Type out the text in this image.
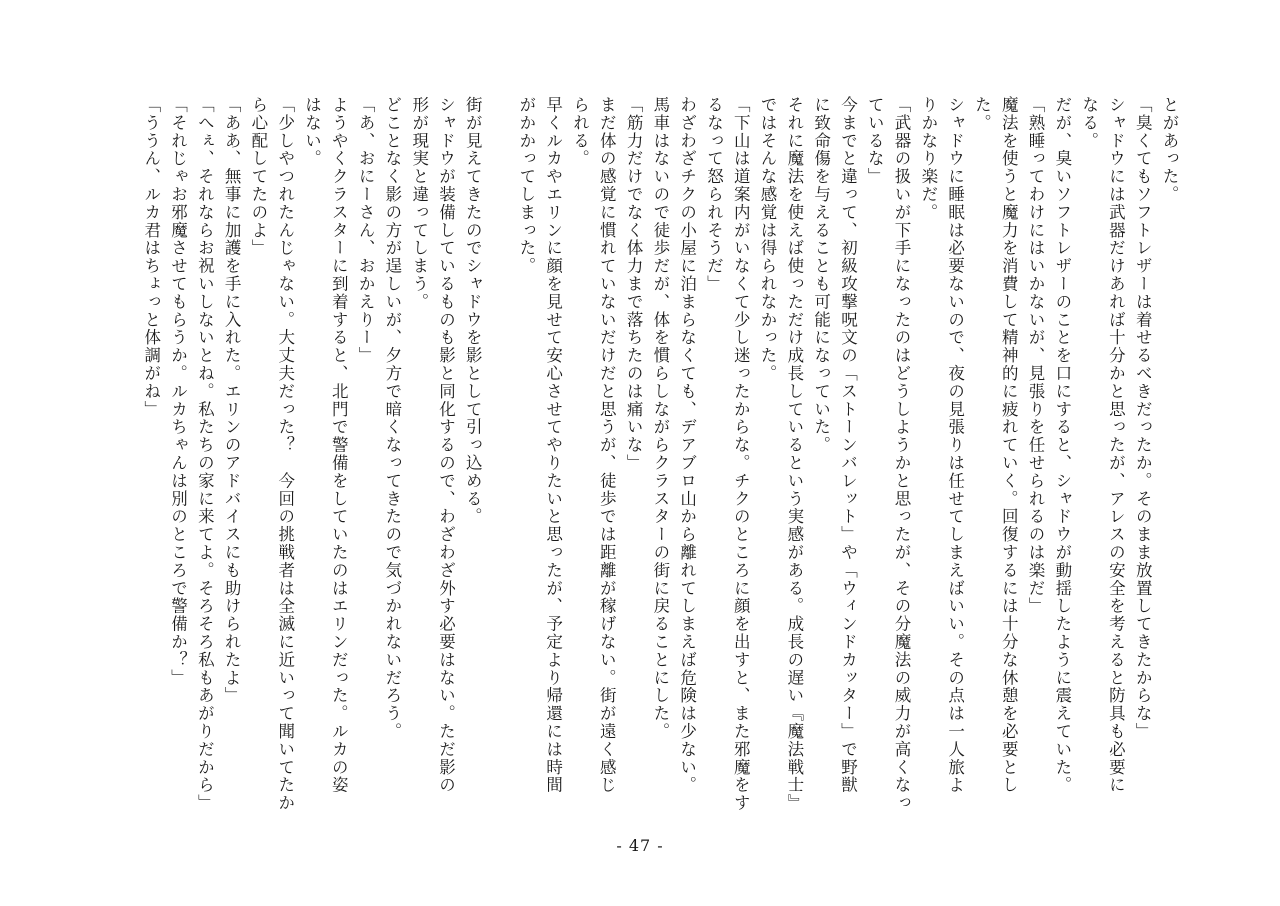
とがあった。
「臭くてもソフトレザーは着せるべきだったか。そのまま放置してきたからな」
シャドウには武器だけあれば十分かと思ったが、アレスの安全を考えると防具も必要に
なる。
だが、臭いソフトレザーのことを口にすると、シャドウが動揺したように震えていた。
「熟睡ってわけにはいかないが、見張りを任せられるのは楽だ」
魔法を使うと魔力を消費して精神的に疲れていく。回復するには十分な休憩を必要とし
た。
シャドウに睡眠は必要ないので、夜の見張りは任せてしまえばいい。その点は一人旅よ
りかなり楽だ。
「武器の扱いが下手になったのはどうしようかと思ったが、その分魔法の威力が高くなっ
ているな」
今までと違って、初級攻撃呪文の「ストーンバレット」や「ウィンドカッター」で野獣
に致命傷を与えることも可能になっていた。
それに魔法を使えば使っただけ成長しているという実感がある。成長の遅い『魔法戦士』
ではそんな感覚は得られなかった。
「下山は道案内がいなくて少し迷ったからな。チクのところに顔を出すと、また邪魔をす
るなって怒られそうだ」
わざわざチクの小屋に泊まらなくても、デアブロ山から離れてしまえば危険は少ない。
馬車はないので徒歩だが、体を慣らしながらクラスターの街に戻ることにした。
「筋力だけでなく体力まで落ちたのは痛いな」
まだ体の感覚に慣れていないだけだと思うが、徒歩では距離が稼げない。街が遠く感じ
られる。
早くルカやエリンに顔を見せて安心させてやりたいと思ったが、予定より帰還には時間
がかかってしまった。

街が見えてきたのでシャドウを影として引っ込める。
シャドウが装備しているものも影と同化するので、わざわざ外す必要はない。ただ影の
形が現実と違ってしまう。
どことなく影の方が逞しいが、夕方で暗くなってきたので気づかれないだろう。
「あ、おにーさん、おかえりー」
ようやくクラスターに到着すると、北門で警備をしていたのはエリンだった。ルカの姿
はない。
「少しやつれたんじゃない。大丈夫だった？　今回の挑戦者は全滅に近いって聞いてたか
ら心配してたのよ」
「ああ、無事に加護を手に入れた。エリンのアドバイスにも助けられたよ」
「へぇ、それならお祝いしないとね。私たちの家に来てよ。そろそろ私もあがりだから」
「それじゃお邪魔させてもらうか。ルカちゃんは別のところで警備か？」
「ううん、ルカ君はちょっと体調がね」
- 47 -
